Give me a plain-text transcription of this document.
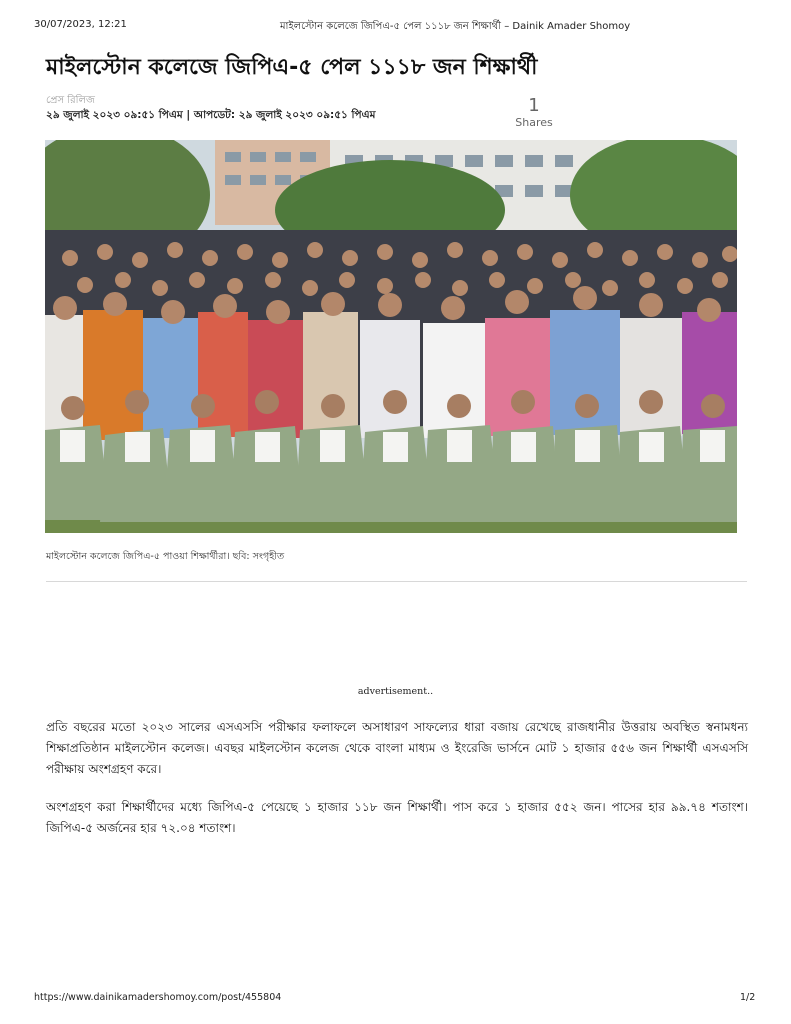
30/07/2023, 12:21	মাইলস্টোন কলেজে জিপিএ-৫ পেল ১১১৮ জন শিক্ষার্থী – Dainik Amader Shomoy
মাইলস্টোন কলেজে জিপিএ-৫ পেল ১১১৮ জন শিক্ষার্থী
প্রেস রিলিজ
২৯ জুলাই ২০২৩ ০৯:৫১ পিএম | আপডেট: ২৯ জুলাই ২০২৩ ০৯:৫১ পিএম	1
Shares
মাইলস্টোন কলেজে জিপিএ-৫ পাওয়া শিক্ষার্থীরা। ছবি: সংগৃহীত
advertisement..
প্রতি বছরের মতো ২০২৩ সালের এসএসসি পরীক্ষার ফলাফলে অসাধারণ সাফল্যের ধারা বজায় রেখেছে রাজধানীর উত্তরায় অবস্থিত স্বনামধন্য শিক্ষাপ্রতিষ্ঠান মাইলস্টোন কলেজ। এবছর মাইলস্টোন কলেজ থেকে বাংলা মাধ্যম ও ইংরেজি ভার্সনে মোট ১ হাজার ৫৫৬ জন শিক্ষার্থী এসএসসি পরীক্ষায় অংশগ্রহণ করে।
অংশগ্রহণ করা শিক্ষার্থীদের মধ্যে জিপিএ-৫ পেয়েছে ১ হাজার ১১৮ জন শিক্ষার্থী। পাস করে ১ হাজার ৫৫২ জন। পাসের হার ৯৯.৭৪ শতাংশ। জিপিএ-৫ অর্জনের হার ৭২.০৪ শতাংশ।
https://www.dainikamadershomoy.com/post/455804	1/2
